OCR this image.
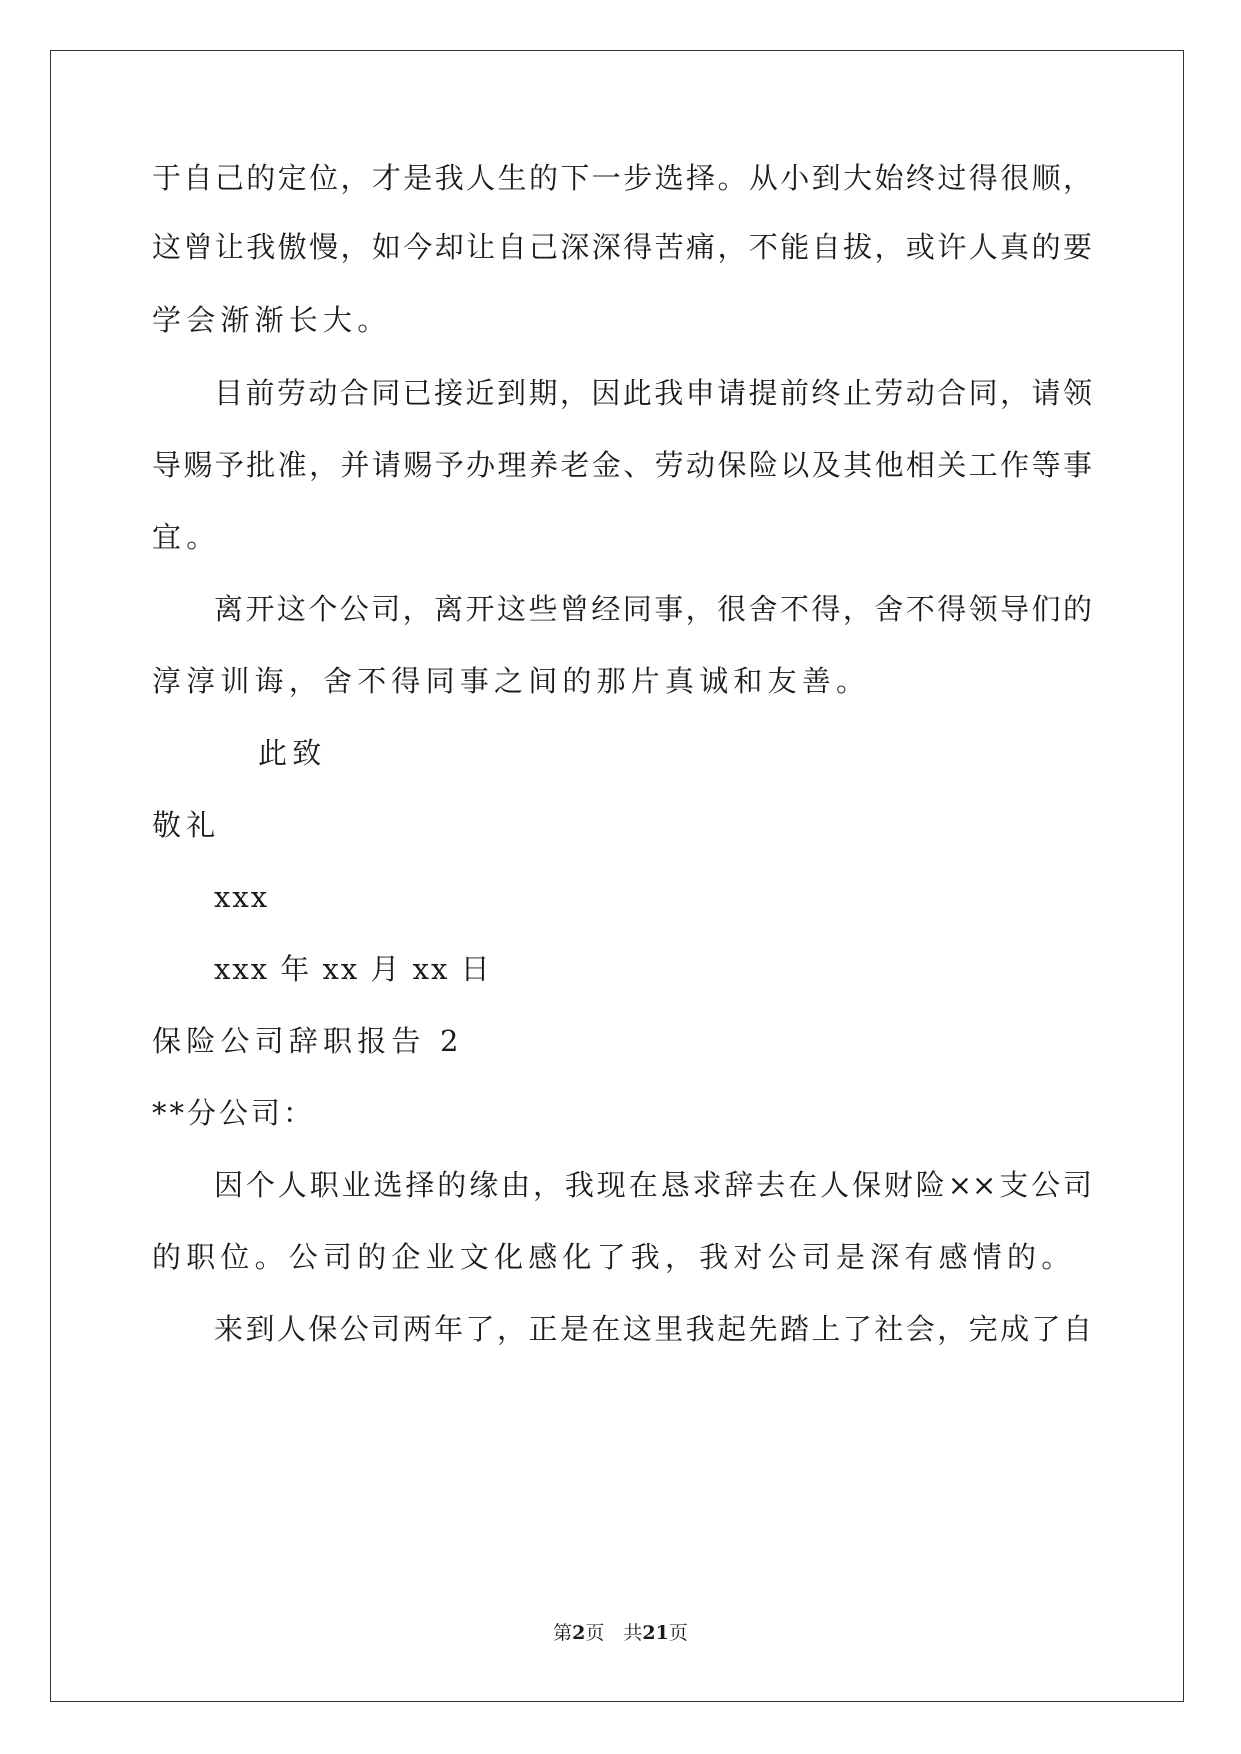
于自己的定位，才是我人生的下一步选择。从小到大始终过得很顺，
这曾让我傲慢，如今却让自己深深得苦痛，不能自拔，或许人真的要
学会渐渐长大。
目前劳动合同已接近到期，因此我申请提前终止劳动合同，请领
导赐予批准，并请赐予办理养老金、劳动保险以及其他相关工作等事
宜。
离开这个公司，离开这些曾经同事，很舍不得，舍不得领导们的
淳淳训诲，舍不得同事之间的那片真诚和友善。
此致
敬礼
xxx
xxx 年 xx 月 xx 日
保险公司辞职报告 2
**分公司：
因个人职业选择的缘由，我现在恳求辞去在人保财险××支公司
的职位。公司的企业文化感化了我，我对公司是深有感情的。
来到人保公司两年了，正是在这里我起先踏上了社会，完成了自
第2页　共21页
